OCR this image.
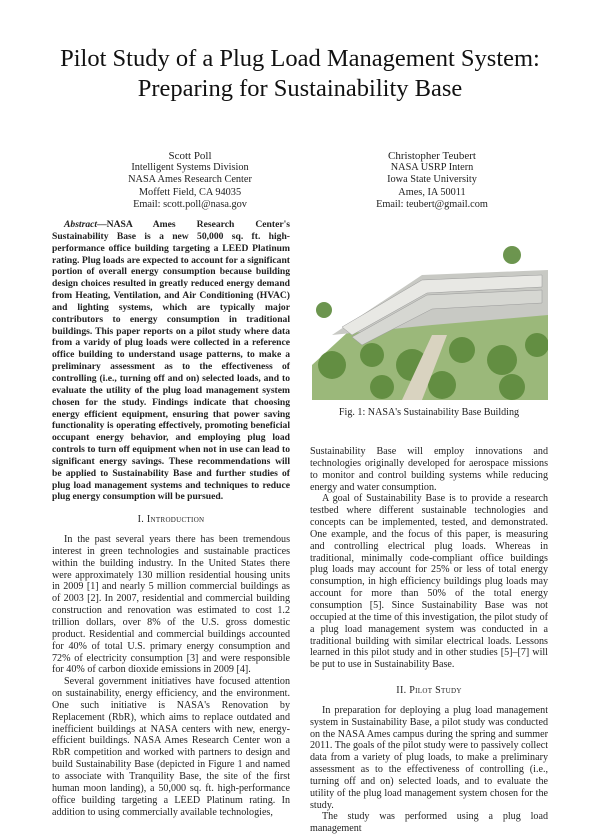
Pilot Study of a Plug Load Management System:
Preparing for Sustainability Base
Scott Poll
Intelligent Systems Division
NASA Ames Research Center
Moffett Field, CA 94035
Email: scott.poll@nasa.gov
Christopher Teubert
NASA USRP Intern
Iowa State University
Ames, IA 50011
Email: teubert@gmail.com

Abstract—NASA Ames Research Center's Sustainability Base is a new 50,000 sq. ft. high-performance office building targeting a LEED Platinum rating. Plug loads are expected to account for a significant portion of overall energy consumption because building design choices resulted in greatly reduced energy demand from Heating, Ventilation, and Air Conditioning (HVAC) and lighting systems, which are typically major contributors to energy consumption in traditional buildings. This paper reports on a pilot study where data from a varidy of plug loads were collected in a reference office building to understand usage patterns, to make a preliminary assessment as to the effectiveness of controlling (i.e., turning off and on) selected loads, and to evaluate the utility of the plug load management system chosen for the study. Findings indicate that choosing energy efficient equipment, ensuring that power saving functionality is operating effectively, promoting beneficial occupant energy behavior, and employing plug load controls to turn off equipment when not in use can lead to significant energy savings. These recommendations will be applied to Sustainability Base and further studies of plug load management systems and techniques to reduce plug energy consumption will be pursued.

I. Introduction

In the past several years there has been tremendous interest in green technologies and sustainable practices within the building industry. In the United States there were approximately 130 million residential housing units in 2009 [1] and nearly 5 million commercial buildings as of 2003 [2]. In 2007, residential and commercial building construction and renovation was estimated to cost 1.2 trillion dollars, over 8% of the U.S. gross domestic product. Residential and commercial buildings accounted for 40% of total U.S. primary energy consumption and 72% of electricity consumption [3] and were responsible for 40% of carbon dioxide emissions in 2009 [4].

Several government initiatives have focused attention on sustainability, energy efficiency, and the environment. One such initiative is NASA's Renovation by Replacement (RbR), which aims to replace outdated and inefficient buildings at NASA centers with new, energy-efficient buildings. NASA Ames Research Center won a RbR competition and worked with partners to design and build Sustainability Base (depicted in Figure 1 and named to associate with Tranquility Base, the site of the first human moon landing), a 50,000 sq. ft. high-performance office building targeting a LEED Platinum rating. In addition to using commercially available technologies,

Fig. 1: NASA's Sustainability Base Building

Sustainability Base will employ innovations and technologies originally developed for aerospace missions to monitor and control building systems while reducing energy and water consumption.

A goal of Sustainability Base is to provide a research testbed where different sustainable technologies and concepts can be implemented, tested, and demonstrated. One example, and the focus of this paper, is measuring and controlling electrical plug loads. Whereas in traditional, minimally code-compliant office buildings plug loads may account for 25% or less of total energy consumption, in high efficiency buildings plug loads may account for more than 50% of the total energy consumption [5]. Since Sustainability Base was not occupied at the time of this investigation, the pilot study of a plug load management system was conducted in a traditional building with similar electrical loads. Lessons learned in this pilot study and in other studies [5]–[7] will be put to use in Sustainability Base.

II. Pilot Study

In preparation for deploying a plug load management system in Sustainability Base, a pilot study was conducted on the NASA Ames campus during the spring and summer 2011. The goals of the pilot study were to passively collect data from a variety of plug loads, to make a preliminary assessment as to the effectiveness of controlling (i.e., turning off and on) selected loads, and to evaluate the utility of the plug load management system chosen for the study.

The study was performed using a plug load management
